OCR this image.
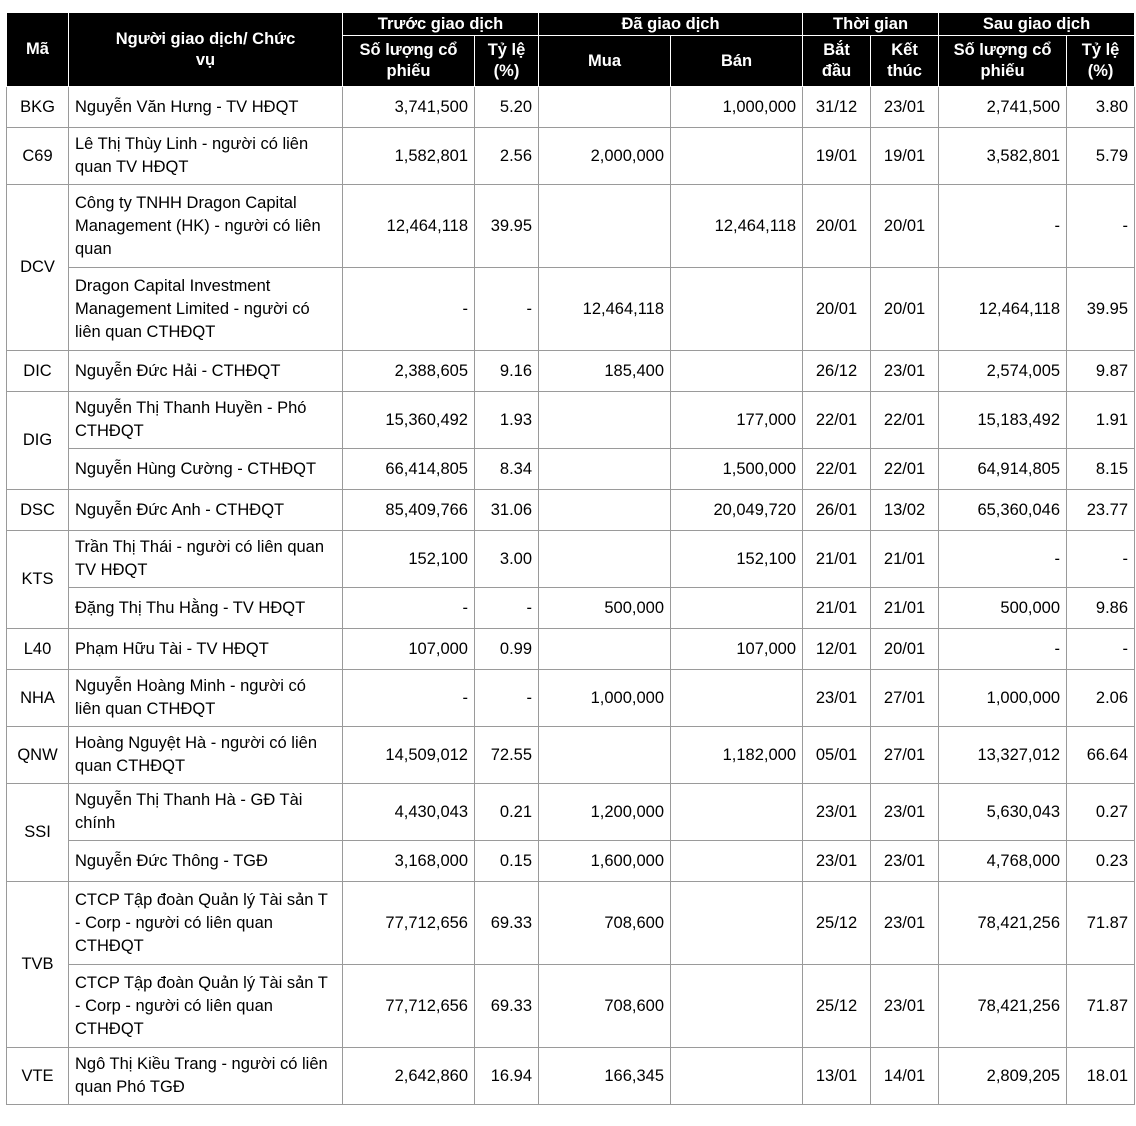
Mã	Người giao dịch/ Chức vụ	Trước giao dịch		Đã giao dịch		Thời gian		Sau giao dịch	
		Số lượng cổ phiếu	Tỷ lệ (%)	Mua	Bán	Bắt đầu	Kết thúc	Số lượng cổ phiếu	Tỷ lệ (%)
BKG	Nguyễn Văn Hưng - TV HĐQT	3,741,500	5.20		1,000,000	31/12	23/01	2,741,500	3.80
C69	Lê Thị Thùy Linh - người có liên quan TV HĐQT	1,582,801	2.56	2,000,000		19/01	19/01	3,582,801	5.79
DCV	Công ty TNHH Dragon Capital Management (HK) - người có liên quan	12,464,118	39.95		12,464,118	20/01	20/01	-	-
	Dragon Capital Investment Management Limited - người có liên quan CTHĐQT	-	-	12,464,118		20/01	20/01	12,464,118	39.95
DIC	Nguyễn Đức Hải - CTHĐQT	2,388,605	9.16	185,400		26/12	23/01	2,574,005	9.87
DIG	Nguyễn Thị Thanh Huyền - Phó CTHĐQT	15,360,492	1.93		177,000	22/01	22/01	15,183,492	1.91
	Nguyễn Hùng Cường - CTHĐQT	66,414,805	8.34		1,500,000	22/01	22/01	64,914,805	8.15
DSC	Nguyễn Đức Anh - CTHĐQT	85,409,766	31.06		20,049,720	26/01	13/02	65,360,046	23.77
KTS	Trần Thị Thái - người có liên quan TV HĐQT	152,100	3.00		152,100	21/01	21/01	-	-
	Đặng Thị Thu Hằng - TV HĐQT	-	-	500,000		21/01	21/01	500,000	9.86
L40	Phạm Hữu Tài - TV HĐQT	107,000	0.99		107,000	12/01	20/01	-	-
NHA	Nguyễn Hoàng Minh - người có liên quan CTHĐQT	-	-	1,000,000		23/01	27/01	1,000,000	2.06
QNW	Hoàng Nguyệt Hà - người có liên quan CTHĐQT	14,509,012	72.55		1,182,000	05/01	27/01	13,327,012	66.64
SSI	Nguyễn Thị Thanh Hà - GĐ Tài chính	4,430,043	0.21	1,200,000		23/01	23/01	5,630,043	0.27
	Nguyễn Đức Thông - TGĐ	3,168,000	0.15	1,600,000		23/01	23/01	4,768,000	0.23
TVB	CTCP Tập đoàn Quản lý Tài sản T - Corp - người có liên quan CTHĐQT	77,712,656	69.33	708,600		25/12	23/01	78,421,256	71.87
	CTCP Tập đoàn Quản lý Tài sản T - Corp - người có liên quan CTHĐQT	77,712,656	69.33	708,600		25/12	23/01	78,421,256	71.87
VTE	Ngô Thị Kiều Trang - người có liên quan Phó TGĐ	2,642,860	16.94	166,345		13/01	14/01	2,809,205	18.01
